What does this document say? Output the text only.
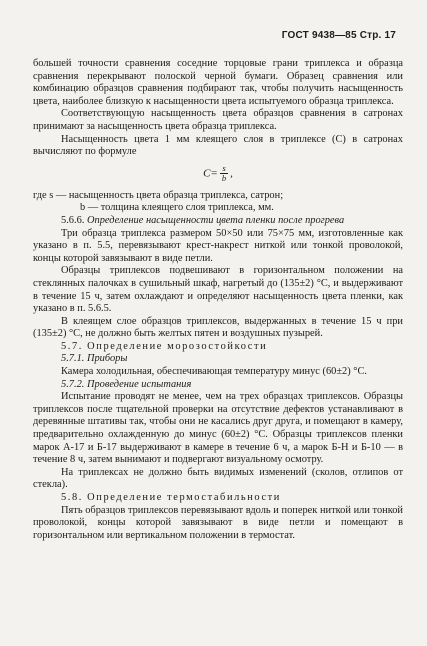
ГОСТ 9438—85 Стр. 17

большей точности сравнения соседние торцовые грани триплекса и образца сравнения перекрывают полоской черной бумаги. Образец сравнения или комбинацию образцов сравнения подбирают так, чтобы получить насыщенность цвета, наиболее близкую к насыщенности цвета испытуемого образца триплекса.

Соответствующую насыщенность цвета образцов сравнения в сатронах принимают за насыщенность цвета образца триплекса.

Насыщенность цвета 1 мм клеящего слоя в триплексе (C) в сатронах вычисляют по формуле

$C= \frac{s}{b}$ ,

где s — насыщенность цвета образца триплекса, сатрон;

b — толщина клеящего слоя триплекса, мм.

5.6.6. Определение насыщенности цвета пленки после прогрева

Три образца триплекса размером 50×50 или 75×75 мм, изготовленные как указано в п. 5.5, перевязывают крест-накрест ниткой или тонкой проволокой, концы которой завязывают в виде петли.

Образцы триплексов подвешивают в горизонтальном положении на стеклянных палочках в сушильный шкаф, нагретый до (135±2) °С, и выдерживают в течение 15 ч, затем охлаждают и определяют насыщенность цвета пленки, как указано в п. 5.6.5.

В клеящем слое образцов триплексов, выдержанных в течение 15 ч при (135±2) °С, не должно быть желтых пятен и воздушных пузырей.

5.7. Определение морозостойкости

5.7.1. Приборы

Камера холодильная, обеспечивающая температуру минус (60±2) °С.

5.7.2. Проведение испытания

Испытание проводят не менее, чем на трех образцах триплексов. Образцы триплексов после тщательной проверки на отсутствие дефектов устанавливают в деревянные штативы так, чтобы они не касались друг друга, и помещают в камеру, предварительно охлажденную до минус (60±2) °С. Образцы триплексов пленки марок А-17 и Б-17 выдерживают в камере в течение 6 ч, а марок Б-Н и Б-10 — в течение 8 ч, затем вынимают и подвергают визуальному осмотру.

На триплексах не должно быть видимых изменений (сколов, отлипов от стекла).

5.8. Определение термостабильности

Пять образцов триплексов перевязывают вдоль и поперек ниткой или тонкой проволокой, концы которой завязывают в виде петли и помещают в горизонтальном или вертикальном положении в термостат.
